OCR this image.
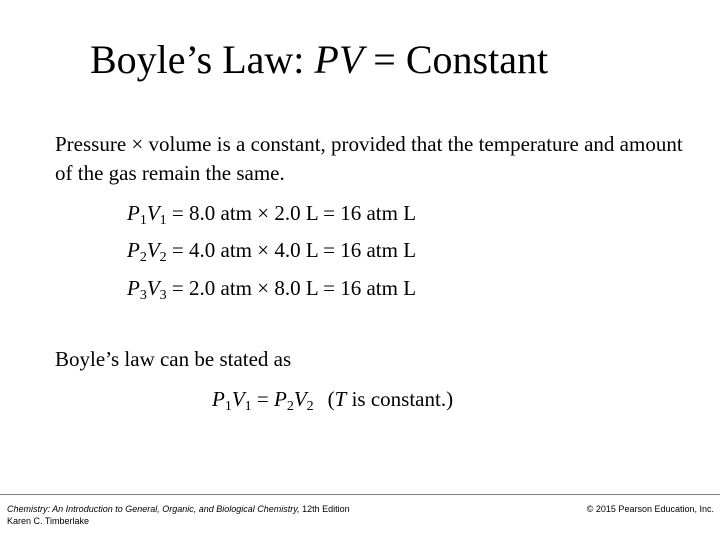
Boyle’s Law: PV = Constant
Pressure × volume is a constant, provided that the temperature and amount of the gas remain the same.
$P_1V_1 = 8.0$ atm × 2.0 L = 16 atm L
$P_2V_2 = 4.0$ atm × 4.0 L = 16 atm L
$P_3V_3 = 2.0$ atm × 8.0 L = 16 atm L
Boyle’s law can be stated as
$P_1V_1 = P_2V_2$ (T is constant.)
Chemistry: An Introduction to General, Organic, and Biological Chemistry, 12th Edition
Karen C. Timberlake
© 2015 Pearson Education, Inc.
